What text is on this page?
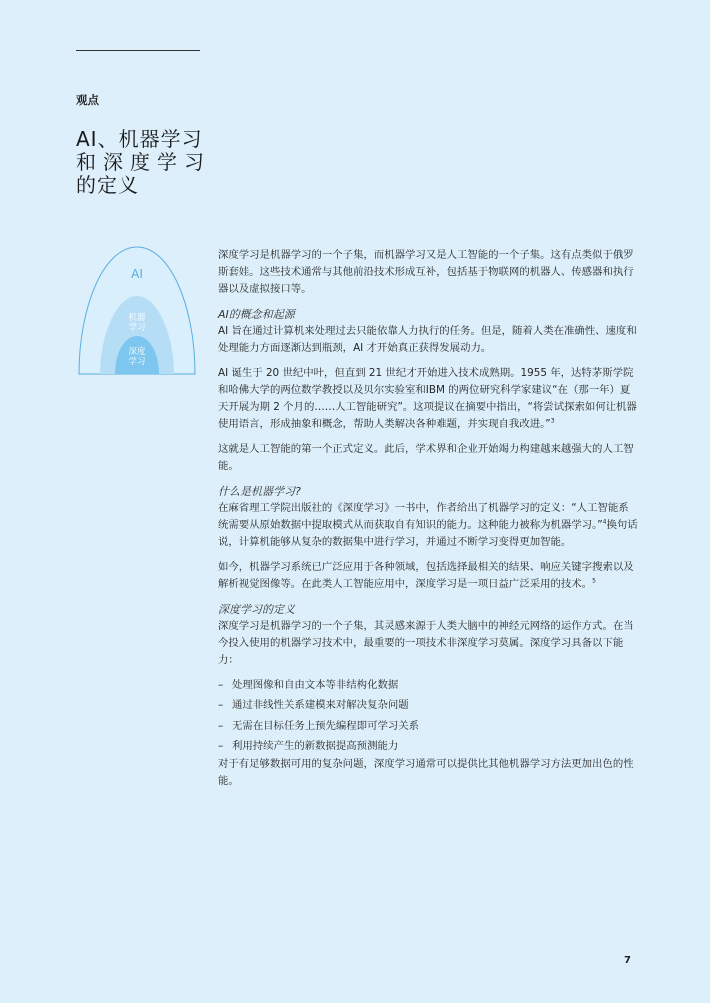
观点
AI、机器学习
和深度学习
的定义
AI
机器
学习
深度
学习

深度学习是机器学习的一个子集，而机器学习又是人工智能的一个子集。这有点类似于俄罗斯套娃。这些技术通常与其他前沿技术形成互补，包括基于物联网的机器人、传感器和执行器以及虚拟接口等。

AI的概念和起源

AI 旨在通过计算机来处理过去只能依靠人力执行的任务。但是，随着人类在准确性、速度和处理能力方面逐渐达到瓶颈，AI 才开始真正获得发展动力。

AI 诞生于 20 世纪中叶，但直到 21 世纪才开始进入技术成熟期。1955 年，达特茅斯学院和哈佛大学的两位数学教授以及贝尔实验室和IBM 的两位研究科学家建议“在（那一年）夏天开展为期 2 个月的……人工智能研究”。这项提议在摘要中指出，“将尝试探索如何让机器使用语言，形成抽象和概念，帮助人类解决各种难题，并实现自我改进。”$^3$

这就是人工智能的第一个正式定义。此后，学术界和企业开始竭力构建越来越强大的人工智能。

什么是机器学习?

在麻省理工学院出版社的《深度学习》一书中，作者给出了机器学习的定义：“人工智能系统需要从原始数据中提取模式从而获取自有知识的能力。这种能力被称为机器学习。”$^4$换句话说，计算机能够从复杂的数据集中进行学习，并通过不断学习变得更加智能。

如今，机器学习系统已广泛应用于各种领域，包括选择最相关的结果、响应关键字搜索以及解析视觉图像等。在此类人工智能应用中，深度学习是一项日益广泛采用的技术。$^5$

深度学习的定义

深度学习是机器学习的一个子集，其灵感来源于人类大脑中的神经元网络的运作方式。在当今投入使用的机器学习技术中，最重要的一项技术非深度学习莫属。深度学习具备以下能力：

– 处理图像和自由文本等非结构化数据
– 通过非线性关系建模来对解决复杂问题
– 无需在目标任务上预先编程即可学习关系
– 利用持续产生的新数据提高预测能力

对于有足够数据可用的复杂问题，深度学习通常可以提供比其他机器学习方法更加出色的性能。

7
